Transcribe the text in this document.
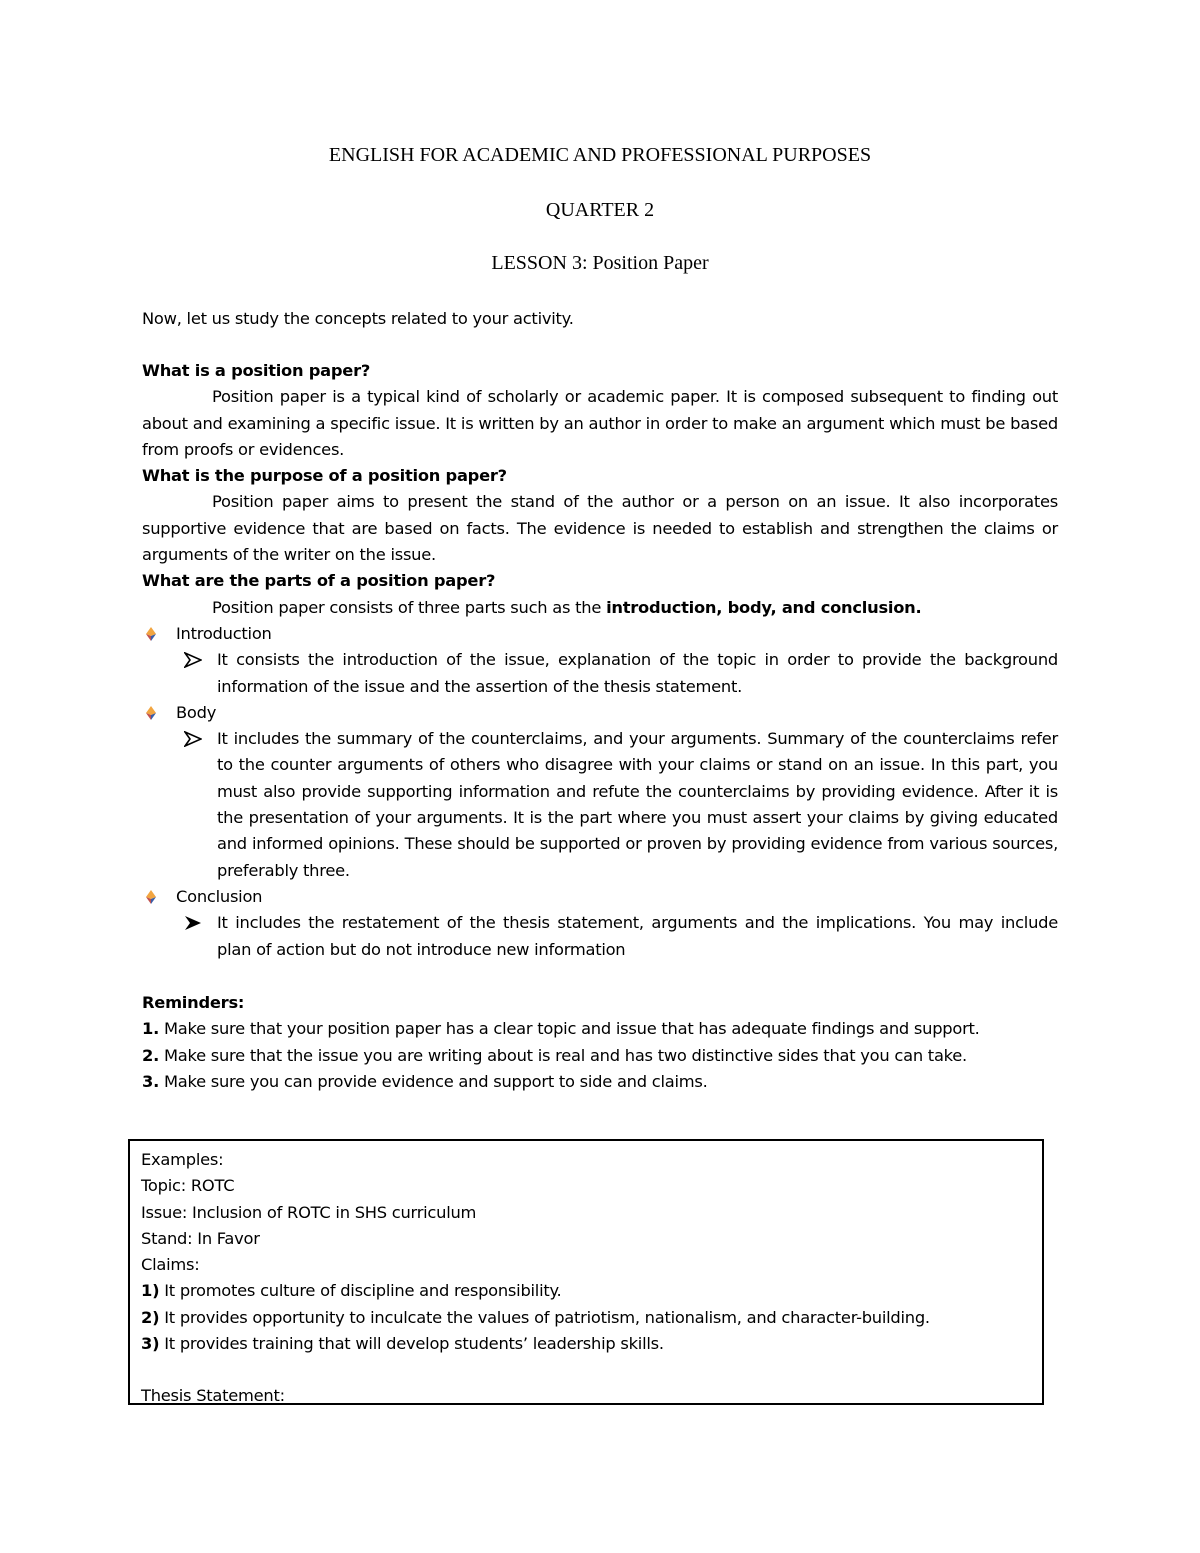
ENGLISH FOR ACADEMIC AND PROFESSIONAL PURPOSES
QUARTER 2
LESSON 3: Position Paper
Now, let us study the concepts related to your activity.
What is a position paper?
Position paper is a typical kind of scholarly or academic paper. It is composed subsequent to finding out about and examining a specific issue. It is written by an author in order to make an argument which must be based from proofs or evidences.
What is the purpose of a position paper?
Position paper aims to present the stand of the author or a person on an issue. It also incorporates supportive evidence that are based on facts. The evidence is needed to establish and strengthen the claims or arguments of the writer on the issue.
What are the parts of a position paper?
Position paper consists of three parts such as the introduction, body, and conclusion.
Introduction
It consists the introduction of the issue, explanation of the topic in order to provide the background information of the issue and the assertion of the thesis statement.
Body
It includes the summary of the counterclaims, and your arguments. Summary of the counterclaims refer to the counter arguments of others who disagree with your claims or stand on an issue. In this part, you must also provide supporting information and refute the counterclaims by providing evidence. After it is the presentation of your arguments. It is the part where you must assert your claims by giving educated and informed opinions. These should be supported or proven by providing evidence from various sources, preferably three.
Conclusion
It includes the restatement of the thesis statement, arguments and the implications. You may include plan of action but do not introduce new information
Reminders:
1. Make sure that your position paper has a clear topic and issue that has adequate findings and support.
2. Make sure that the issue you are writing about is real and has two distinctive sides that you can take.
3. Make sure you can provide evidence and support to side and claims.
Examples:
Topic: ROTC
Issue: Inclusion of ROTC in SHS curriculum
Stand: In Favor
Claims:
1) It promotes culture of discipline and responsibility.
2) It provides opportunity to inculcate the values of patriotism, nationalism, and character-building.
3) It provides training that will develop students’ leadership skills.
Thesis Statement:
